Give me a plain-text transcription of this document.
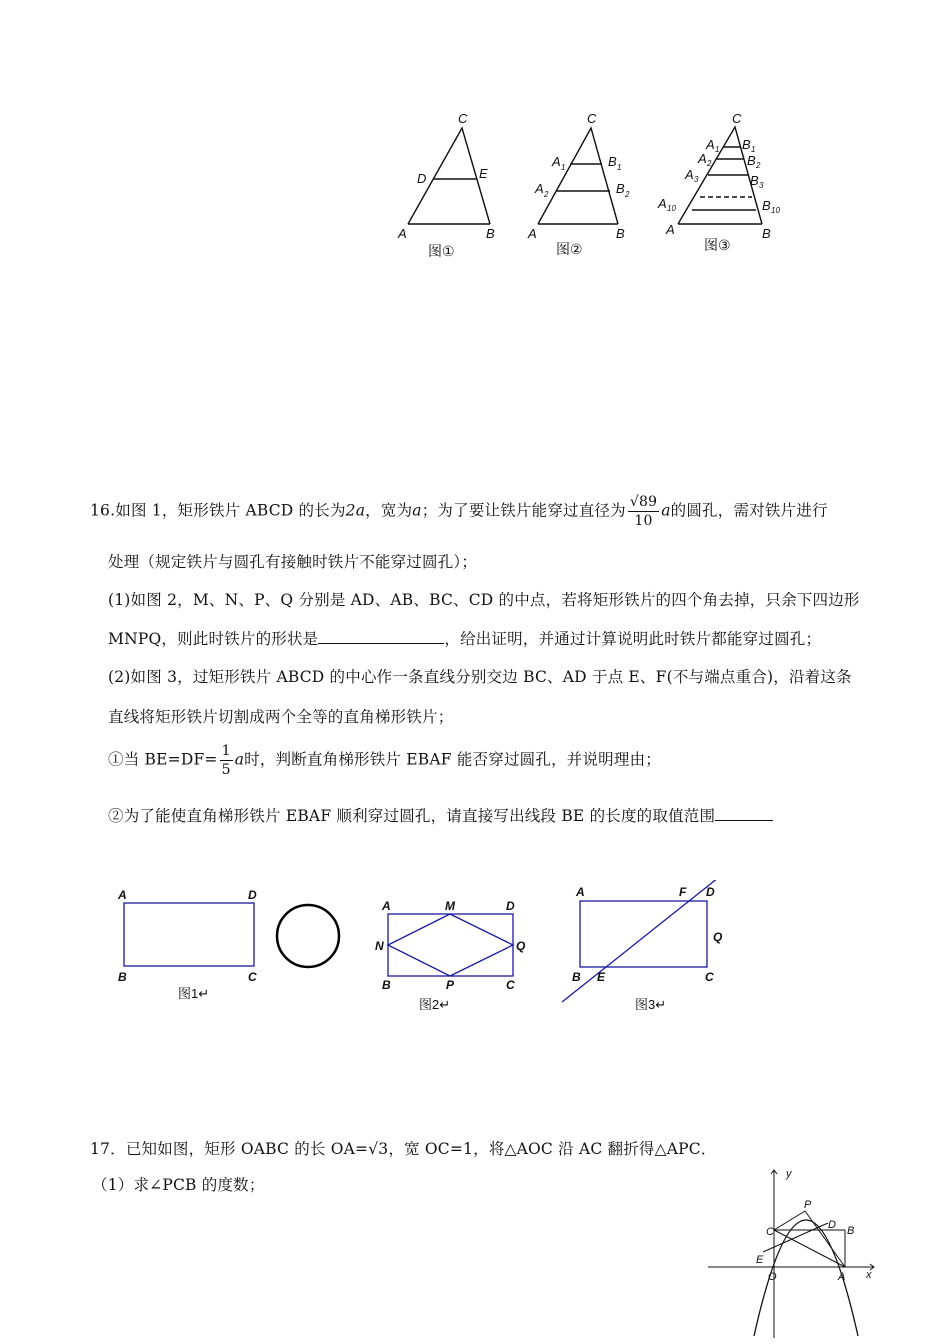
C
D	E
A	B
图①
C
A 1	B 1
A 2	B 2
A	B
图②
C
A 1 B 1
A 2	B 2
A 3	B 3
A 10	B 10
A	B
图③
16.如图 1，矩形铁片 ABCD 的长为2a，宽为a；为了要让铁片能穿过直径为 $\frac{√89}{10}$ a的圆孔，需对铁片进行
处理（规定铁片与圆孔有接触时铁片不能穿过圆孔）；
(1)如图 2，M、N、P、Q 分别是 AD、AB、BC、CD 的中点，若将矩形铁片的四个角去掉，只余下四边形
MNPQ，则此时铁片的形状是	，给出证明，并通过计算说明此时铁片都能穿过圆孔；
(2)如图 3，过矩形铁片 ABCD 的中心作一条直线分别交边 BC、AD 于点 E、F(不与端点重合)，沿着这条
直线将矩形铁片切割成两个全等的直角梯形铁片；
①当 $BE=DF= \frac{1}{5}$ a时，判断直角梯形铁片 EBAF 能否穿过圆孔，并说明理由；
②为了能使直角梯形铁片 EBAF 顺利穿过圆孔，请直接写出线段 BE 的长度的取值范围
A	D
B	C
图1↵
A	M	D
N	Q
B	P	C
图2↵
A	F D
Q
B E	C
图3↵
17．已知如图，矩形 OABC 的长 OA=√3，宽 OC=1，将△AOC 沿 AC 翻折得△APC．
（1）求∠PCB 的度数；
y
x
P
D
C	B
E
O	A
